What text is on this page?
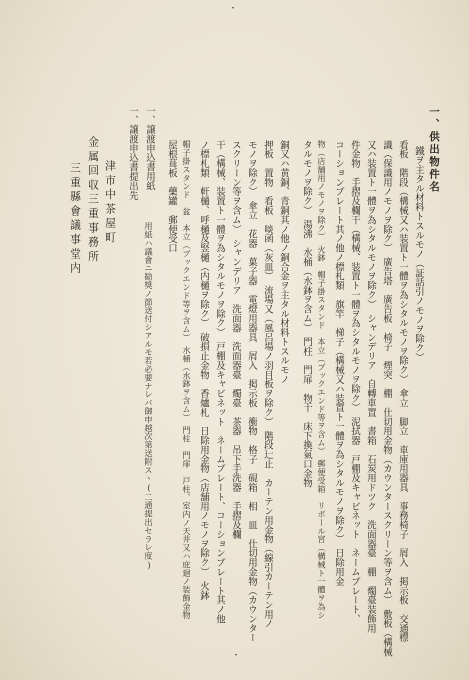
・
一、供出物件名
鐵ヲ主タル材料トスルモノ（証話引ノモノヲ除ク）
看板　階段（構械又ハ装置ト一體ヲ為シタルモノヲ除ク）　傘立　脚立　車庫用器具　事務椅子　屑入　掲示板　交通標
識（保識用ノモノヲ除ク）　廣告塔　廣告板　椅子　煙突　棚　仕切用金物（カウンタースクリーン等ヲ含ム）　敷板（構械
又ハ装置ト一體ヲ為シタルモノヲ除ク）　シャンデリア　自轉車置　書箱　石炭用ドツク　洗面器臺　棚　燭臺装飾用
件金物　手摺及欄干（構械、装置ト一體ヲ為シタルモノヲ除ク）　泥拭器　戸棚及キャビネット　ネームプレート、
コーションプレート其ノ他ノ標札類　旗竿　梯子（構械又ハ装置ト一體ヲ為シタルモノヲ除ク）　日除用金
物（店舗用ノモノヲ除ク）　火鉢　帽子掛スタンド　本立（ブックエンド等ヲ含ム）　郵便受箱　リボール宮（構械ト一體ヲ為シ
タルモノヲ除ク）　湯沸　水桶（水鉢ヲ含ム）　門柱　門扉　物干　床下換氣口金物
銅又ハ黄銅、青銅其ノ他ノ銅合金ヲ主タル材料トスルモノ
押板　置物　看板　啖函（灰皿）　流場又（風呂場ノ羽目板ヲ除ク）　階段辷止　カーテン用金物（線引カーテン用ノ
モノヲ除ク）　傘立　花器　菓子器　電燈用器具　屑入　掲示板　衝物　格子　硯箱　相　皿　仕切用金物（カウンター
スクリーン等ヲ含ム）　シャンデリア　洗面器　洗面器臺　燭臺　茶器　吊下手洗器　手摺及欄
干（構械、装置ト一體ヲ為シタルモノヲ除ク）　戸棚及キャビネット　ネームプレート、コーションプレート其ノ他
ノ標札類　軒樋、呼樋及竪樋（内樋ヲ除ク）　破損止金物　香爐札　日除用金物（店舗用ノモノヲ除ク）　火鉢
帽子掛スタンド　盆　本立（ブックエンド等ヲ含ム）　水桶（水鉢ヲ含ム）　門柱　門扉　戸柱、室内ノ天井又ハ庇廻ノ装飾金物
屋根葺板　藥罐　郵便受口
一、譲渡申込書用紙
用紙ハ議會ニ勧獎ノ節送付シアルモ若必要ナレバ御申越次第送附スヽ(二通提出セラレ度)
一、譲渡申込書提出先
津市中茶屋町
金属回収三重事務所
三重縣會議事堂内
・
